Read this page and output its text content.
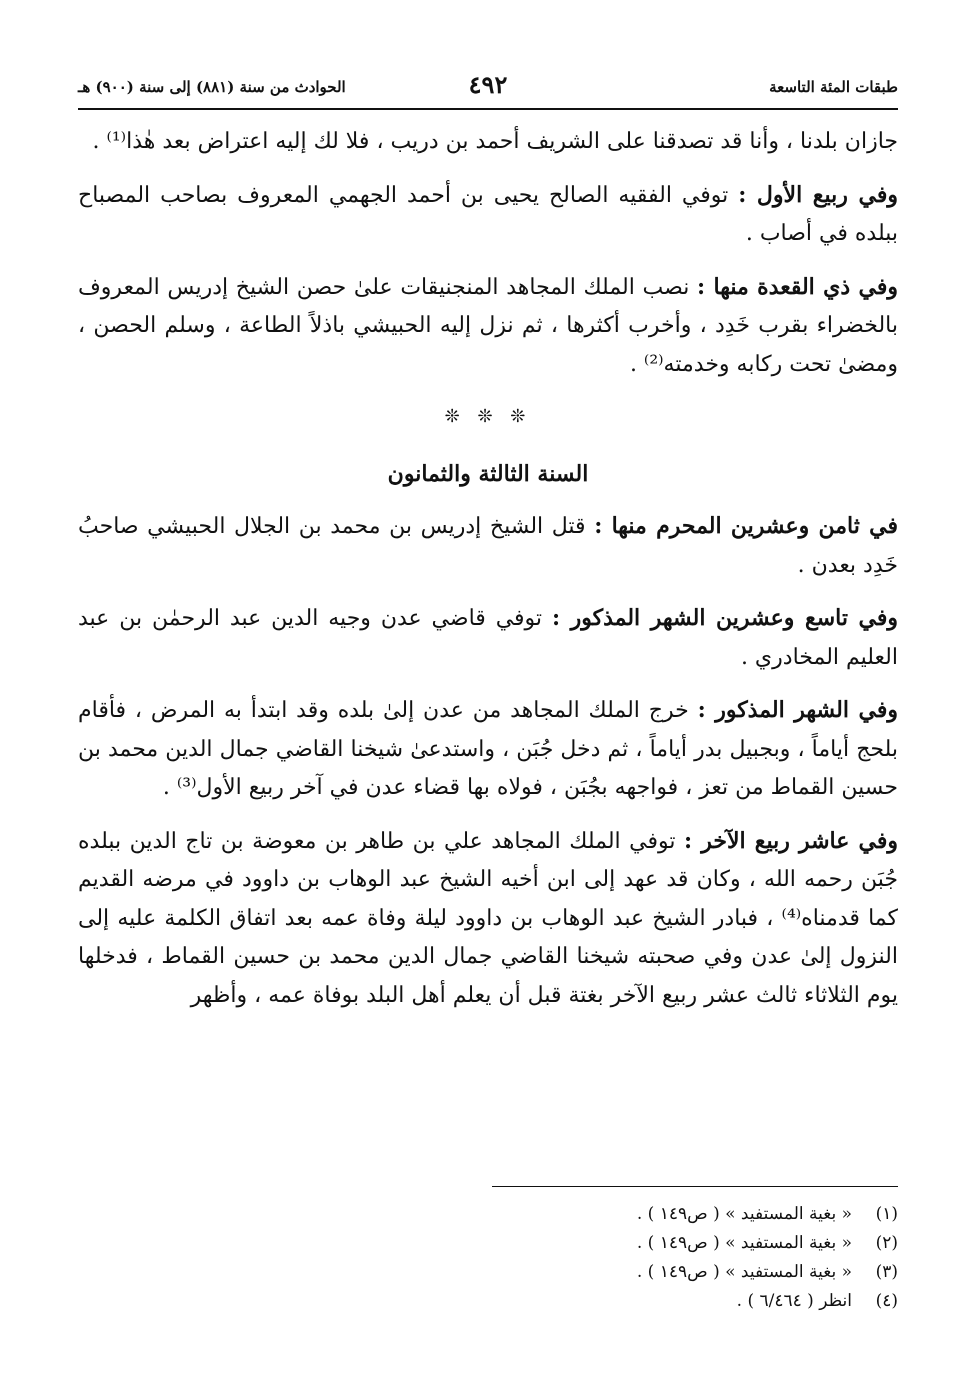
طبقات المئة التاسعة
٤٩٢
الحوادث من سنة (٨٨١) إلى سنة (٩٠٠) هـ

جازان بلدنا ، وأنا قد تصدقنا على الشريف أحمد بن دريب ، فلا لك إليه اعتراض بعد هٰذا⁽¹⁾ .

وفي ربيع الأول : توفي الفقيه الصالح يحيى بن أحمد الجهمي المعروف بصاحب المصباح ببلده في أصاب .

وفي ذي القعدة منها : نصب الملك المجاهد المنجنيقات علىٰ حصن الشيخ إدريس المعروف بالخضراء بقرب خَدِد ، وأخرب أكثرها ، ثم نزل إليه الحبيشي باذلاً الطاعة ، وسلم الحصن ، ومضىٰ تحت ركابه وخدمته⁽²⁾ .

❊ ❊ ❊
السنة الثالثة والثمانون

في ثامن وعشرين المحرم منها : قتل الشيخ إدريس بن محمد بن الجلال الحبيشي صاحبُ خَدِد بعدن .

وفي تاسع وعشرين الشهر المذكور : توفي قاضي عدن وجيه الدين عبد الرحمٰن بن عبد العليم المخادري .

وفي الشهر المذكور : خرج الملك المجاهد من عدن إلىٰ بلده وقد ابتدأ به المرض ، فأقام بلحج أياماً ، وبجبيل بدر أياماً ، ثم دخل جُبَن ، واستدعىٰ شيخنا القاضي جمال الدين محمد بن حسين القماط من تعز ، فواجهه بجُبَن ، فولاه بها قضاء عدن في آخر ربيع الأول⁽³⁾ .

وفي عاشر ربيع الآخر : توفي الملك المجاهد علي بن طاهر بن معوضة بن تاج الدين ببلده جُبَن رحمه الله ، وكان قد عهد إلى ابن أخيه الشيخ عبد الوهاب بن داوود في مرضه القديم كما قدمناه⁽⁴⁾ ، فبادر الشيخ عبد الوهاب بن داوود ليلة وفاة عمه بعد اتفاق الكلمة عليه إلى النزول إلىٰ عدن وفي صحبته شيخنا القاضي جمال الدين محمد بن حسين القماط ، فدخلها يوم الثلاثاء ثالث عشر ربيع الآخر بغتة قبل أن يعلم أهل البلد بوفاة عمه ، وأظهر

(١)
« بغية المستفيد » ( ص١٤٩ ) .
(٢)
« بغية المستفيد » ( ص١٤٩ ) .
(٣)
« بغية المستفيد » ( ص١٤٩ ) .
(٤)
انظر ( ٦/٤٦٤ ) .
